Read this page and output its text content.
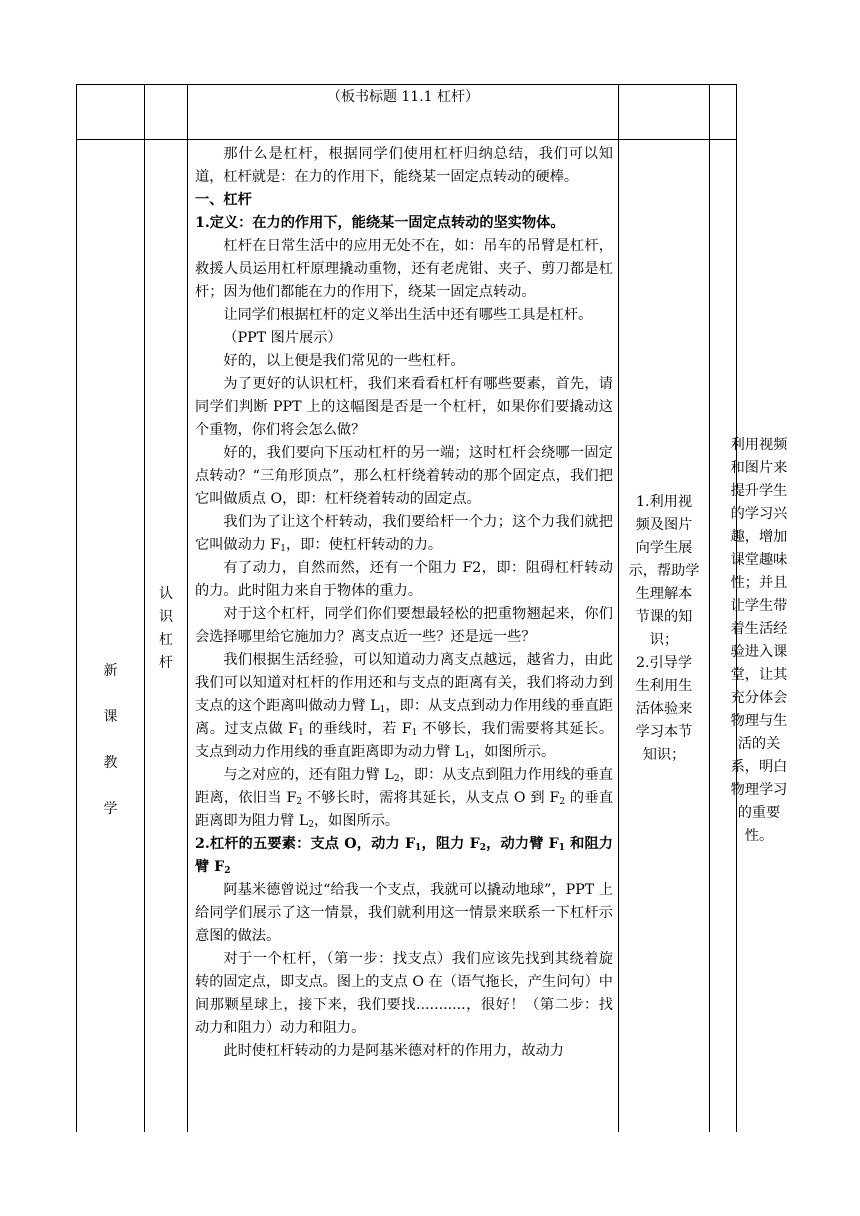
（板书标题 11.1 杠杆）
新
课
教
学
认
识
杠
杆

那什么是杠杆，根据同学们使用杠杆归纳总结，我们可以知道，杠杆就是：在力的作用下，能绕某一固定点转动的硬棒。

一、杠杆

1.定义：在力的作用下，能绕某一固定点转动的坚实物体。

杠杆在日常生活中的应用无处不在，如：吊车的吊臂是杠杆，救援人员运用杠杆原理撬动重物，还有老虎钳、夹子、剪刀都是杠杆；因为他们都能在力的作用下，绕某一固定点转动。

让同学们根据杠杆的定义举出生活中还有哪些工具是杠杆。

（PPT 图片展示）

好的，以上便是我们常见的一些杠杆。

为了更好的认识杠杆，我们来看看杠杆有哪些要素，首先，请同学们判断 PPT 上的这幅图是否是一个杠杆，如果你们要撬动这个重物，你们将会怎么做？

好的，我们要向下压动杠杆的另一端；这时杠杆会绕哪一固定点转动？“三角形顶点”，那么杠杆绕着转动的那个固定点，我们把它叫做质点 O，即：杠杆绕着转动的固定点。

我们为了让这个杆转动，我们要给杆一个力；这个力我们就把它叫做动力 $F_1$，即：使杠杆转动的力。

有了动力，自然而然，还有一个阻力 F2，即：阻碍杠杆转动的力。此时阻力来自于物体的重力。

对于这个杠杆，同学们你们要想最轻松的把重物翘起来，你们会选择哪里给它施加力？离支点近一些？还是远一些？

我们根据生活经验，可以知道动力离支点越远，越省力，由此我们可以知道对杠杆的作用还和与支点的距离有关，我们将动力到支点的这个距离叫做动力臂 $L_1$，即：从支点到动力作用线的垂直距离。过支点做 $F_1$ 的垂线时，若 $F_1$ 不够长，我们需要将其延长。支点到动力作用线的垂直距离即为动力臂 $L_1$，如图所示。

与之对应的，还有阻力臂 $L_2$，即：从支点到阻力作用线的垂直距离，依旧当 $F_2$ 不够长时，需将其延长，从支点 O 到 $F_2$ 的垂直距离即为阻力臂 $L_2$，如图所示。

2.杠杆的五要素：支点 O，动力 $F_1$，阻力 $F_2$，动力臂 $F_1$ 和阻力臂 $F_2$

阿基米德曾说过“给我一个支点，我就可以撬动地球”，PPT 上给同学们展示了这一情景，我们就利用这一情景来联系一下杠杆示意图的做法。

对于一个杠杆，（第一步：找支点）我们应该先找到其绕着旋转的固定点，即支点。图上的支点 O 在（语气拖长，产生问句）中间那颗星球上，接下来，我们要找...........，很好！（第二步：找动力和阻力）动力和阻力。

此时使杠杆转动的力是阿基米德对杆的作用力，故动力

1.利用视
频及图片
向学生展
示，帮助学
生理解本
节课的知
识；
2.引导学
生利用生
活体验来
学习本节
知识；
利用视频
和图片来
提升学生
的学习兴
趣，增加
课堂趣味
性；并且
让学生带
着生活经
验进入课
堂，让其
充分体会
物理与生
活的关
系，明白
物理学习
的重要
性。
